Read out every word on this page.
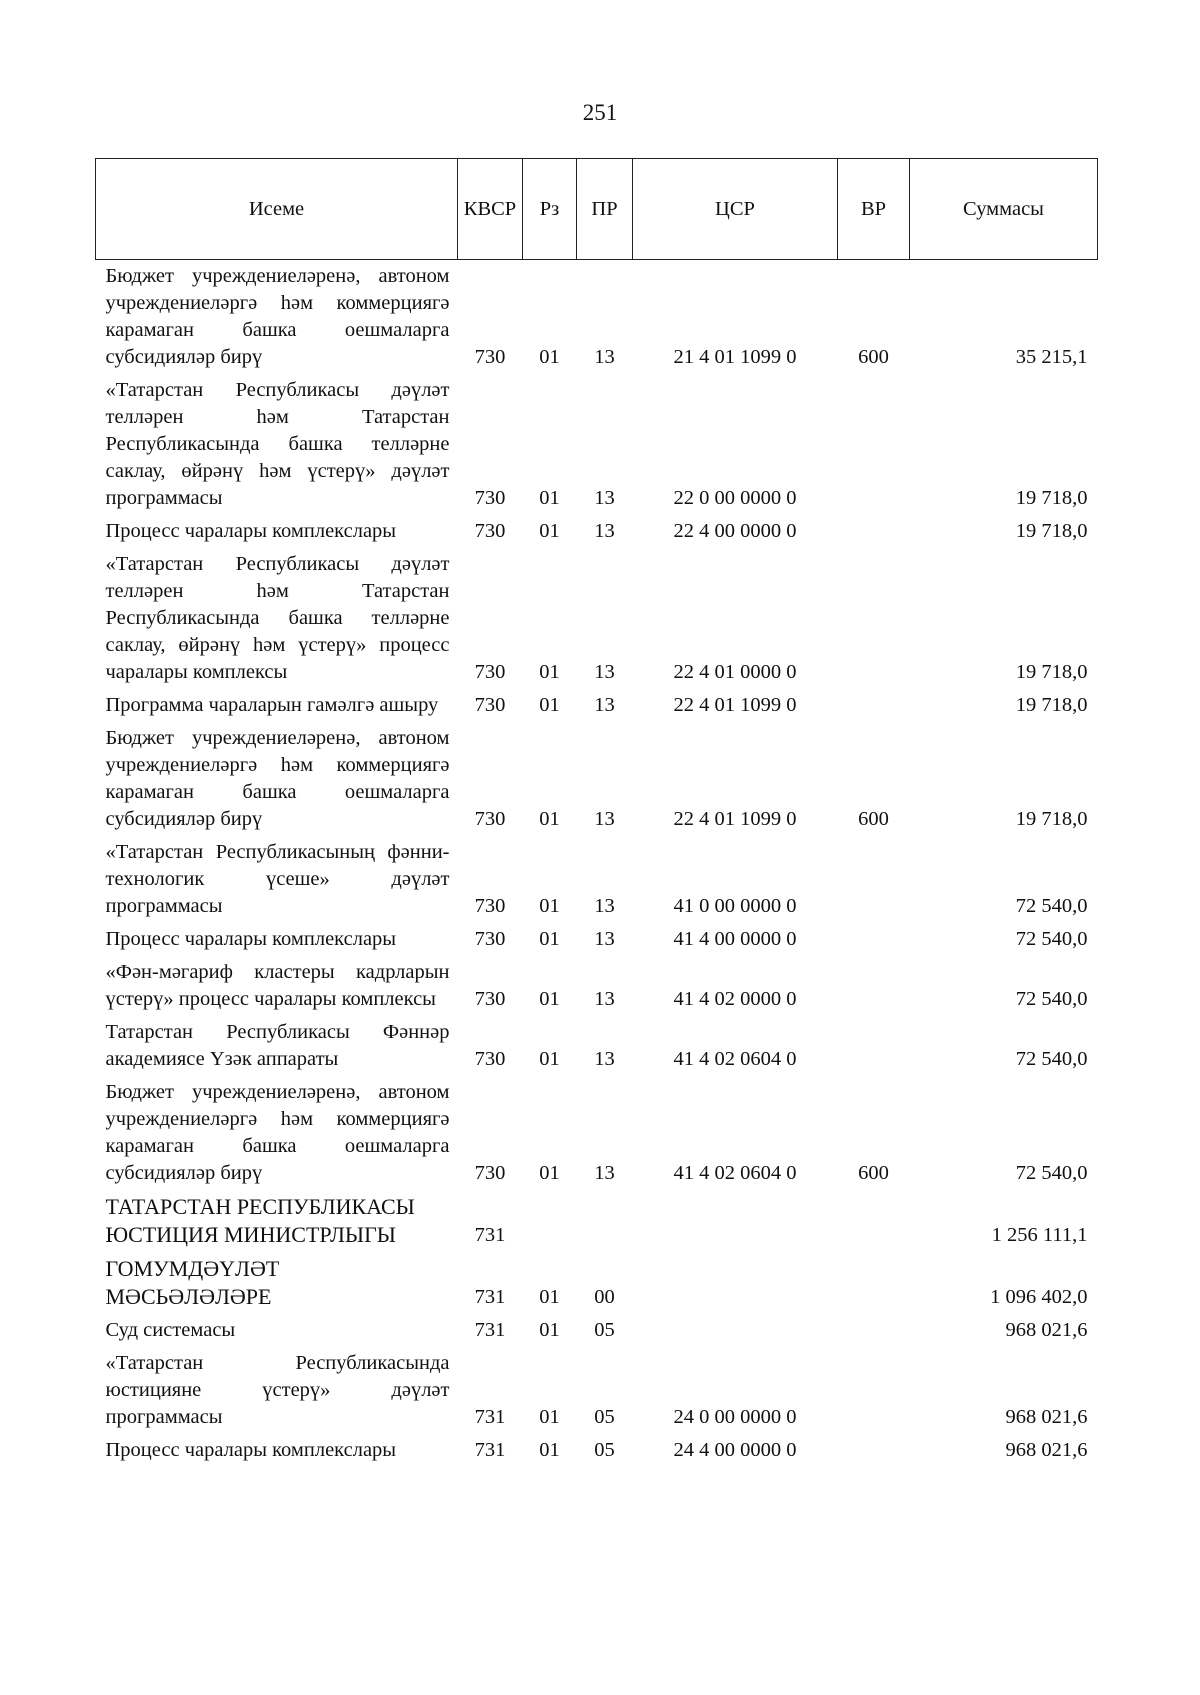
251
Исеме	КВСР	Рз	ПР	ЦСР	ВР	Суммасы
Бюджет учреждениеләренә, автоном учреждениеләргә һәм коммерциягә карамаган башка оешмаларга субсидияләр бирү	730	01	13	21 4 01 1099 0	600	35 215,1
«Татарстан Республикасы дәүләт телләрен һәм Татарстан Республикасында башка телләрне саклау, өйрәнү һәм үстерү» дәүләт программасы	730	01	13	22 0 00 0000 0		19 718,0
Процесс чаралары комплекслары	730	01	13	22 4 00 0000 0		19 718,0
«Татарстан Республикасы дәүләт телләрен һәм Татарстан Республикасында башка телләрне саклау, өйрәнү һәм үстерү» процесс чаралары комплексы	730	01	13	22 4 01 0000 0		19 718,0
Программа чараларын гамәлгә ашыру	730	01	13	22 4 01 1099 0		19 718,0
Бюджет учреждениеләренә, автоном учреждениеләргә һәм коммерциягә карамаган башка оешмаларга субсидияләр бирү	730	01	13	22 4 01 1099 0	600	19 718,0
«Татарстан Республикасының фәнни-технологик үсеше» дәүләт программасы	730	01	13	41 0 00 0000 0		72 540,0
Процесс чаралары комплекслары	730	01	13	41 4 00 0000 0		72 540,0
«Фән-мәгариф кластеры кадрларын үстерү» процесс чаралары комплексы	730	01	13	41 4 02 0000 0		72 540,0
Татарстан Республикасы Фәннәр академиясе Үзәк аппараты	730	01	13	41 4 02 0604 0		72 540,0
Бюджет учреждениеләренә, автоном учреждениеләргә һәм коммерциягә карамаган башка оешмаларга субсидияләр бирү	730	01	13	41 4 02 0604 0	600	72 540,0
ТАТАРСТАН РЕСПУБЛИКАСЫ ЮСТИЦИЯ МИНИСТРЛЫГЫ	731					1 256 111,1
ГОМУМДӘҮЛӘТ МӘСЬӘЛӘЛӘРЕ	731	01	00			1 096 402,0
Суд системасы	731	01	05			968 021,6
«Татарстан Республикасында юстицияне үстерү» дәүләт программасы	731	01	05	24 0 00 0000 0		968 021,6
Процесс чаралары комплекслары	731	01	05	24 4 00 0000 0		968 021,6
